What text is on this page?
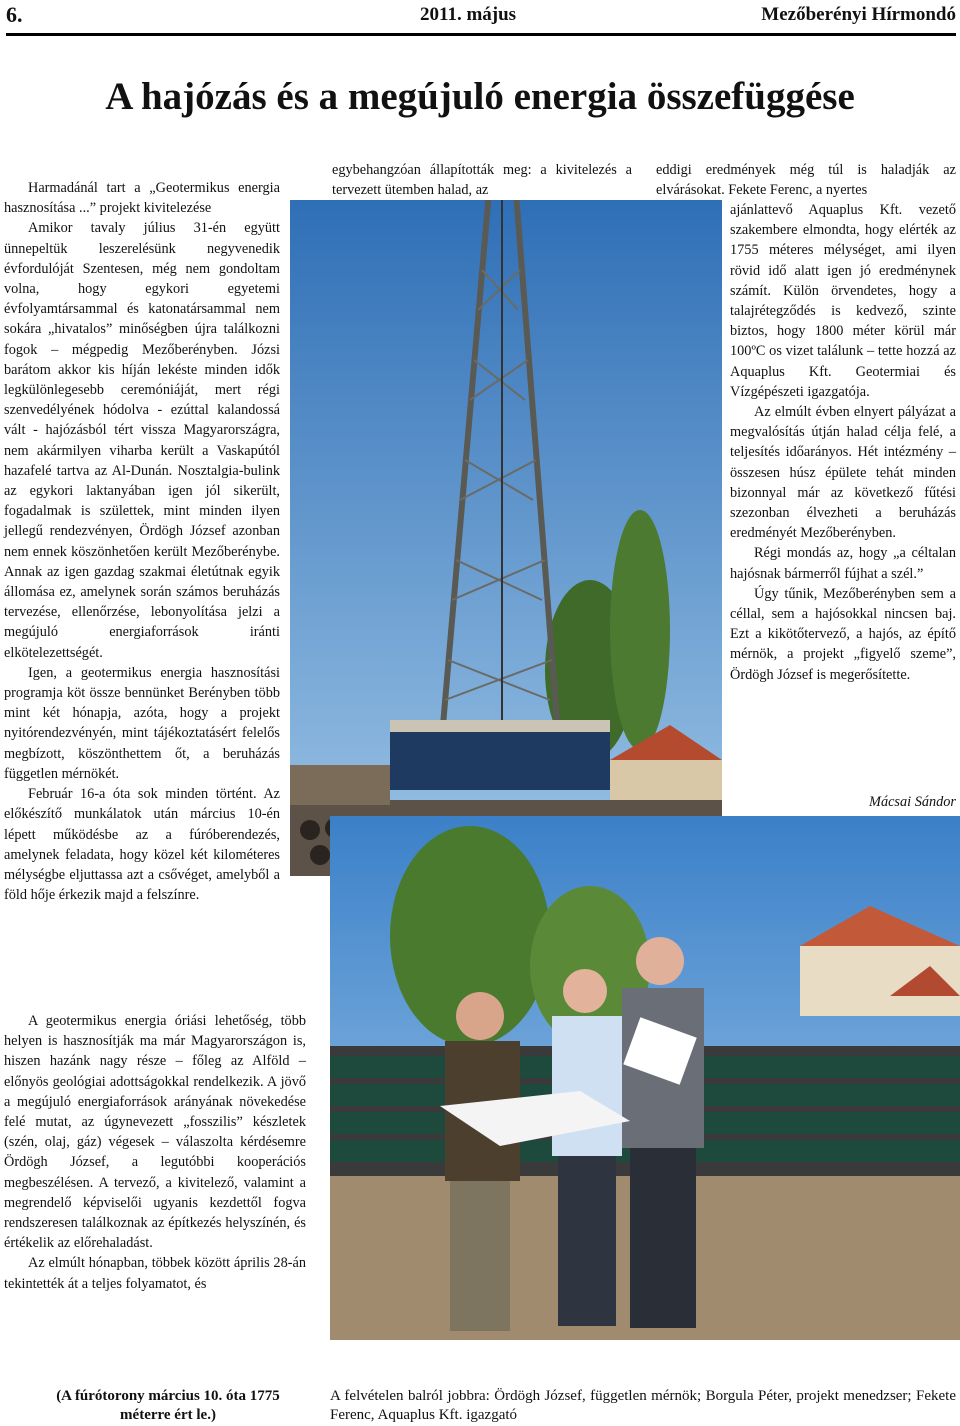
6.	2011. május	Mezőberényi Hírmondó
A hajózás és a megújuló energia összefüggése

Harmadánál tart a „Geotermikus energia hasznosítása ...” projekt kivitelezése

Amikor tavaly július 31-én együtt ünnepeltük leszerelésünk negyvenedik évfordulóját Szentesen, még nem gondoltam volna, hogy egykori egyetemi évfolyamtársammal és katonatársammal nem sokára „hivatalos” minőségben újra találkozni fogok – mégpedig Mezőberényben. Józsi barátom akkor kis híján lekéste minden idők legkülönlegesebb ceremóniáját, mert régi szenvedélyének hódolva - ezúttal kalandossá vált - hajózásból tért vissza Magyarországra, nem akármilyen viharba került a Vaskapútól hazafelé tartva az Al-Dunán. Nosztalgia-bulink az egykori laktanyában igen jól sikerült, fogadalmak is születtek, mint minden ilyen jellegű rendezvényen, Ördögh József azonban nem ennek köszönhetően került Mezőberénybe. Annak az igen gazdag szakmai életútnak egyik állomása ez, amelynek során számos beruházás tervezése, ellenőrzése, lebonyolítása jelzi a megújuló energiaforrások iránti elkötelezettségét.

Igen, a geotermikus energia hasznosítási programja köt össze bennünket Berényben több mint két hónapja, azóta, hogy a projekt nyitórendezvényén, mint tájékoztatásért felelős megbízott, köszönthettem őt, a beruházás független mérnökét.

Február 16-a óta sok minden történt. Az előkészítő munkálatok után március 10-én lépett működésbe az a fúróberendezés, amelynek feladata, hogy közel két kilométeres mélységbe eljuttassa azt a csővéget, amelyből a föld hője érkezik majd a felszínre.

A geotermikus energia óriási lehetőség, több helyen is hasznosítják ma már Magyarországon is, hiszen hazánk nagy része – főleg az Alföld – előnyös geológiai adottságokkal rendelkezik. A jövő a megújuló energiaforrások arányának növekedése felé mutat, az úgynevezett „fosszilis” készletek (szén, olaj, gáz) végesek – válaszolta kérdésemre Ördögh József, a legutóbbi kooperációs megbeszélésen. A tervező, a kivitelező, valamint a megrendelő képviselői ugyanis kezdettől fogva rendszeresen találkoznak az építkezés helyszínén, és értékelik az előrehaladást.

Az elmúlt hónapban, többek között április 28-án tekintették át a teljes folyamatot, és

egybehangzóan állapították meg: a kivitelezés a tervezett ütemben halad, az

eddigi eredmények még túl is haladják az elvárásokat. Fekete Ferenc, a nyertes

ajánlattevő Aquaplus Kft. vezető szakembere elmondta, hogy elérték az 1755 méteres mélységet, ami ilyen rövid idő alatt igen jó eredménynek számít. Külön örvendetes, hogy a talajrétegződés is kedvező, szinte biztos, hogy 1800 méter körül már 100ºC os vizet találunk – tette hozzá az Aquaplus Kft. Geotermiai és Vízgépészeti igazgatója.

Az elmúlt évben elnyert pályázat a megvalósítás útján halad célja felé, a teljesítés időarányos. Hét intézmény – összesen húsz épülete tehát minden bizonnyal már az következő fűtési szezonban élvezheti a beruházás eredményét Mezőberényben.

Régi mondás az, hogy „a céltalan hajósnak bármerről fújhat a szél.”

Úgy tűnik, Mezőberényben sem a céllal, sem a hajósokkal nincsen baj. Ezt a kikötőtervező, a hajós, az építő mérnök, a projekt „figyelő szeme”, Ördögh József is megerősítette.

Mácsai Sándor
(A fúrótorony március 10. óta 1775 méterre ért le.)
A felvételen balról jobbra: Ördögh József, független mérnök; Borgula Péter, projekt menedzser; Fekete Ferenc, Aquaplus Kft. igazgató
